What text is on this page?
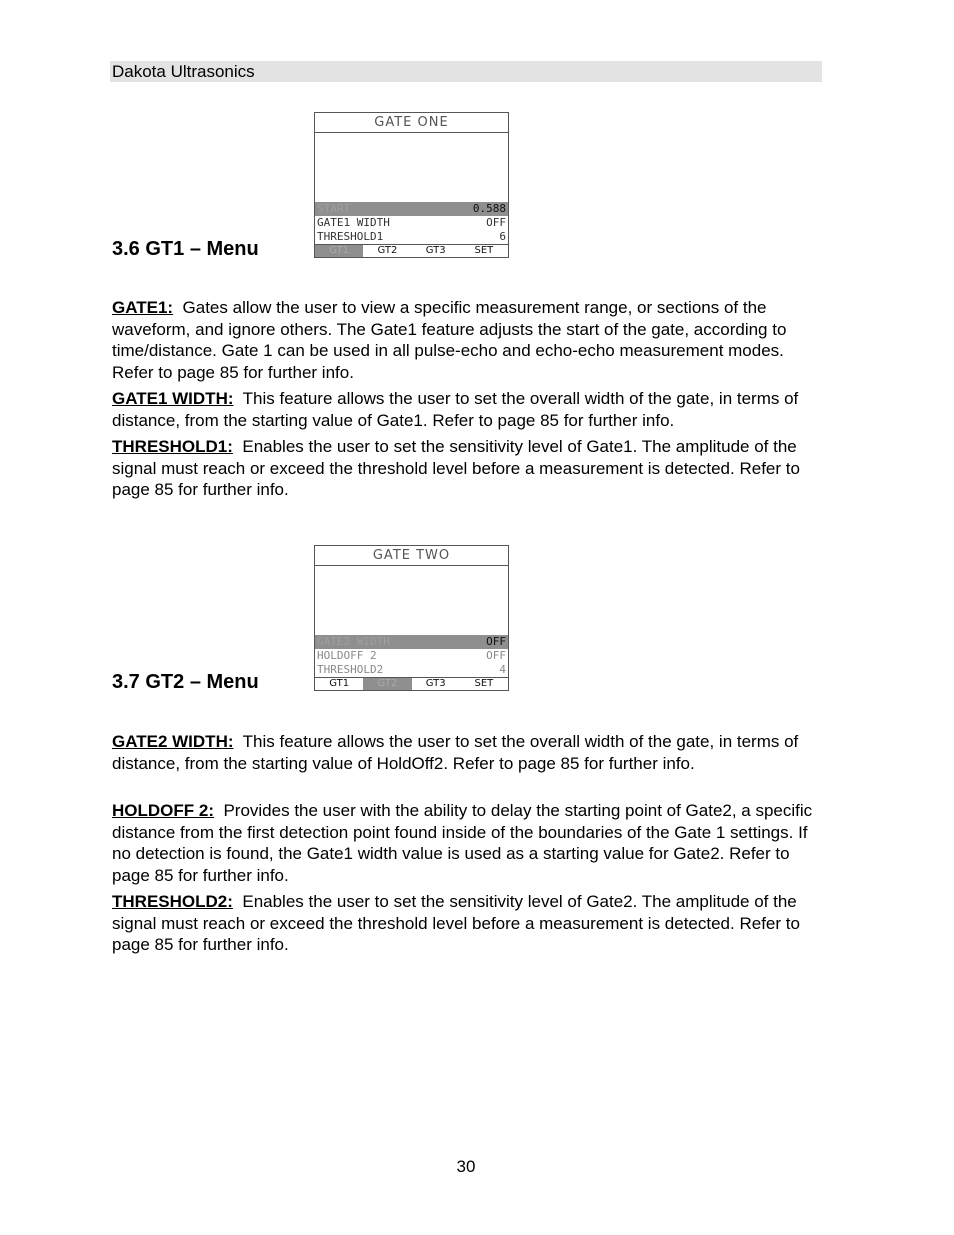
Dakota Ultrasonics
GATE ONE
START	0.588
GATE1 WIDTH	OFF
THRESHOLD1	6
GT1	GT2	GT3	SET
3.6 GT1 – Menu
GATE1: Gates allow the user to view a specific measurement range, or sections of the waveform, and ignore others. The Gate1 feature adjusts the start of the gate, according to time/distance. Gate 1 can be used in all pulse-echo and echo-echo measurement modes. Refer to page 85 for further info.
GATE1 WIDTH: This feature allows the user to set the overall width of the gate, in terms of distance, from the starting value of Gate1. Refer to page 85 for further info.
THRESHOLD1: Enables the user to set the sensitivity level of Gate1. The amplitude of the signal must reach or exceed the threshold level before a measurement is detected. Refer to page 85 for further info.
GATE TWO
GATE2 WIDTH	OFF
HOLDOFF 2	OFF
THRESHOLD2	4
GT1	GT2	GT3	SET
3.7 GT2 – Menu
GATE2 WIDTH: This feature allows the user to set the overall width of the gate, in terms of distance, from the starting value of HoldOff2. Refer to page 85 for further info.
HOLDOFF 2: Provides the user with the ability to delay the starting point of Gate2, a specific distance from the first detection point found inside of the boundaries of the Gate 1 settings. If no detection is found, the Gate1 width value is used as a starting value for Gate2. Refer to page 85 for further info.
THRESHOLD2: Enables the user to set the sensitivity level of Gate2. The amplitude of the signal must reach or exceed the threshold level before a measurement is detected. Refer to page 85 for further info.
30
